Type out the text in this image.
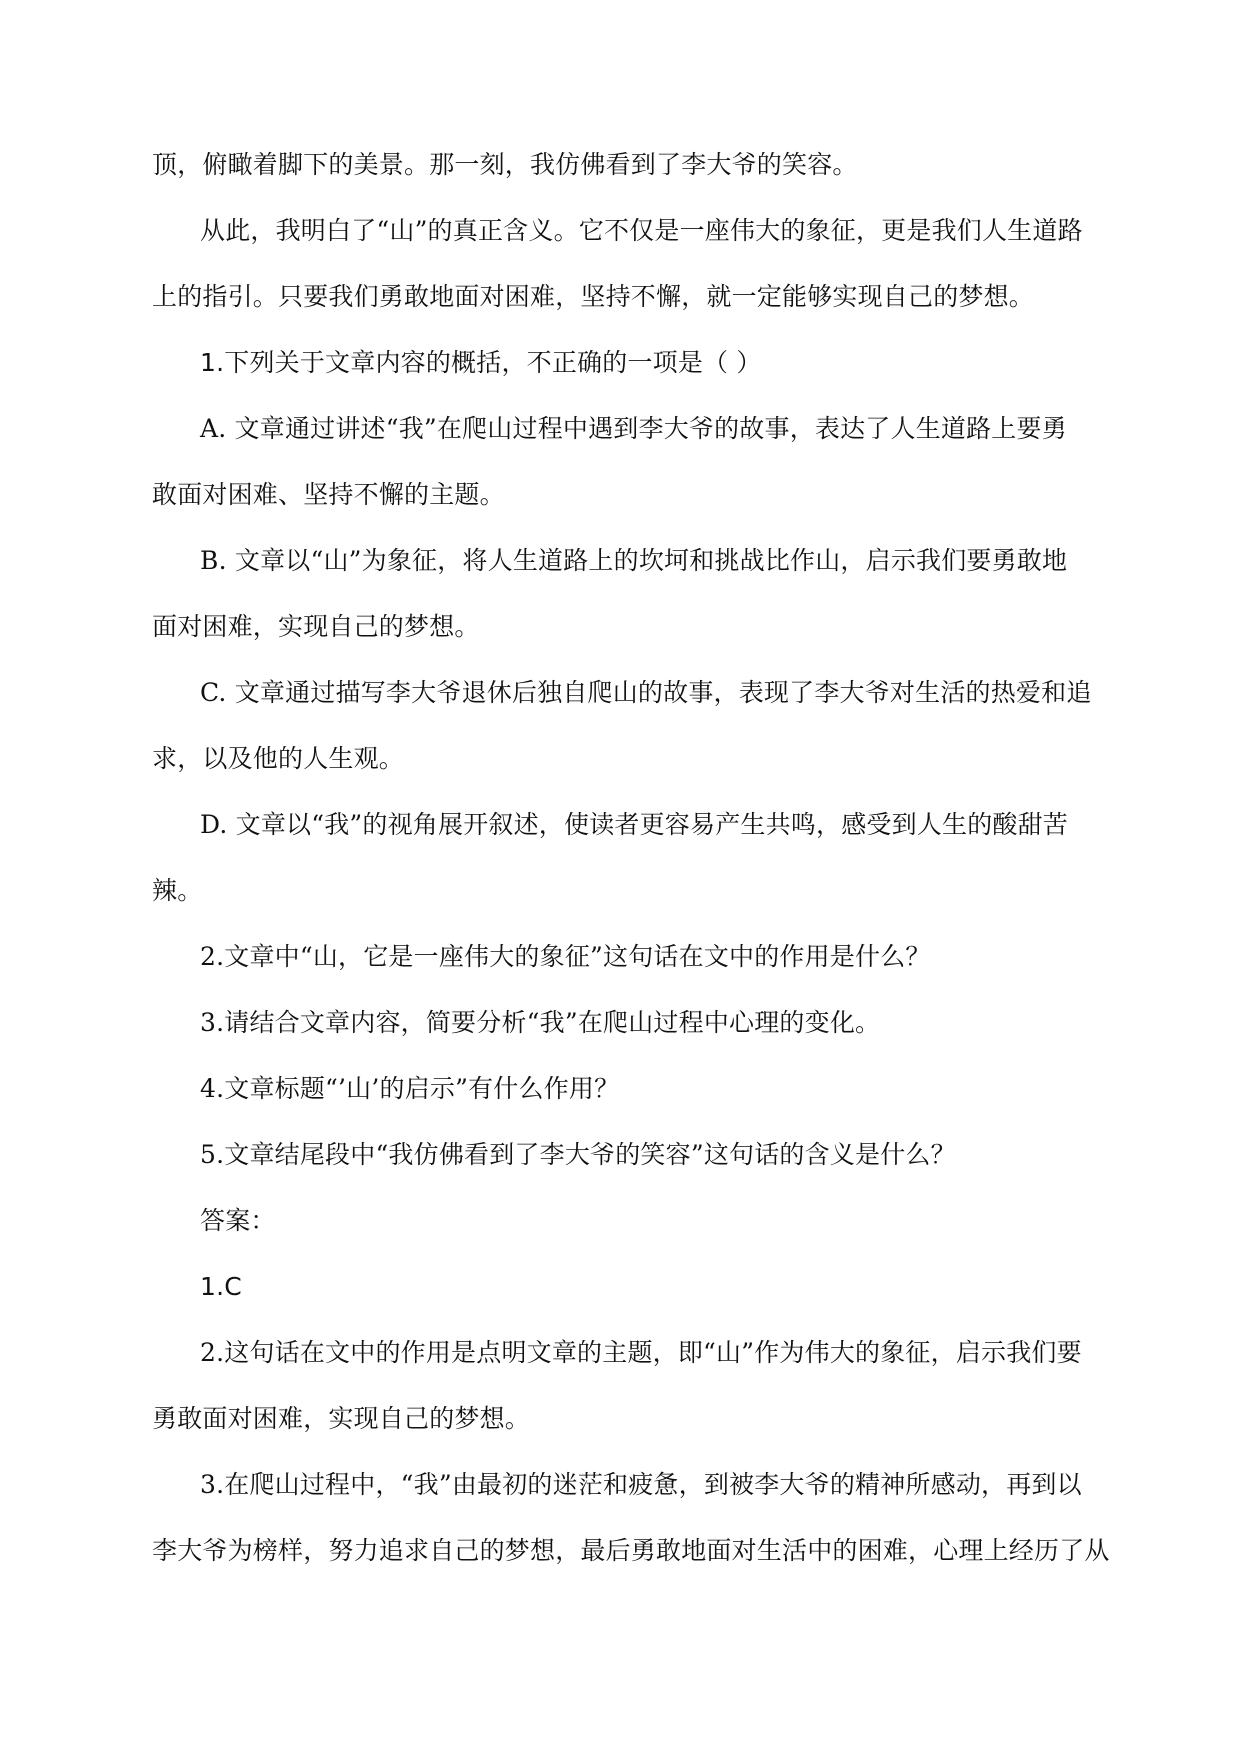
顶，俯瞰着脚下的美景。那一刻，我仿佛看到了李大爷的笑容。
从此，我明白了“山”的真正含义。它不仅是一座伟大的象征，更是我们人生道路
上的指引。只要我们勇敢地面对困难，坚持不懈，就一定能够实现自己的梦想。
1.下列关于文章内容的概括，不正确的一项是（ ）
A. 文章通过讲述“我”在爬山过程中遇到李大爷的故事，表达了人生道路上要勇
敢面对困难、坚持不懈的主题。
B. 文章以“山”为象征，将人生道路上的坎坷和挑战比作山，启示我们要勇敢地
面对困难，实现自己的梦想。
C. 文章通过描写李大爷退休后独自爬山的故事，表现了李大爷对生活的热爱和追
求，以及他的人生观。
D. 文章以“我”的视角展开叙述，使读者更容易产生共鸣，感受到人生的酸甜苦
辣。
2.文章中“山，它是一座伟大的象征”这句话在文中的作用是什么？
3.请结合文章内容，简要分析“我”在爬山过程中心理的变化。
4.文章标题“’山’的启示”有什么作用？
5.文章结尾段中“我仿佛看到了李大爷的笑容”这句话的含义是什么？
答案：
1.C
2.这句话在文中的作用是点明文章的主题，即“山”作为伟大的象征，启示我们要
勇敢面对困难，实现自己的梦想。
3.在爬山过程中，“我”由最初的迷茫和疲惫，到被李大爷的精神所感动，再到以
李大爷为榜样，努力追求自己的梦想，最后勇敢地面对生活中的困难，心理上经历了从
